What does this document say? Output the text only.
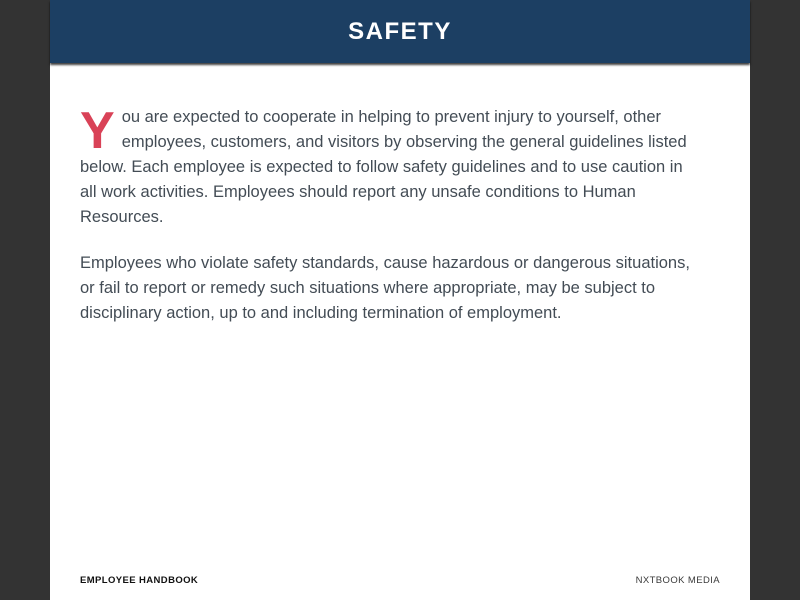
SAFETY

You are expected to cooperate in helping to prevent injury to yourself, other employees, customers, and visitors by observing the general guidelines listed below. Each employee is expected to follow safety guidelines and to use caution in all work activities. Employees should report any unsafe conditions to Human Resources.

Employees who violate safety standards, cause hazardous or dangerous situations, or fail to report or remedy such situations where appropriate, may be subject to disciplinary action, up to and including termination of employment.

EMPLOYEE HANDBOOK	NXTBOOK MEDIA
